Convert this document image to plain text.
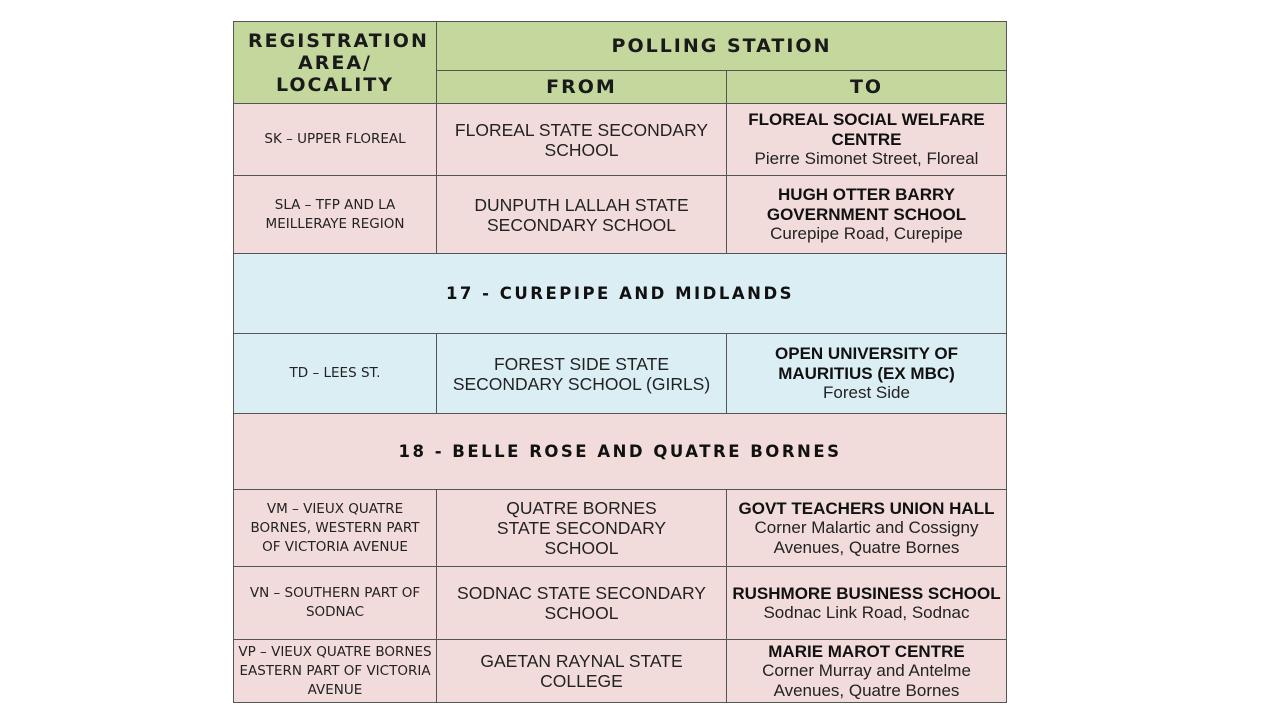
REGISTRATION AREA/ LOCALITY	POLLING STATION	
	FROM	TO
SK – UPPER FLOREAL	FLOREAL STATE SECONDARY SCHOOL	FLOREAL SOCIAL WELFARE CENTRE
Pierre Simonet Street, Floreal

SLA – TFP AND LA MEILLERAYE REGION	DUNPUTH LALLAH STATE SECONDARY SCHOOL	HUGH OTTER BARRY GOVERNMENT SCHOOL
Curepipe Road, Curepipe

17 - CUREPIPE AND MIDLANDS		
TD – LEES ST.	FOREST SIDE STATE SECONDARY SCHOOL (GIRLS)	OPEN UNIVERSITY OF MAURITIUS (EX MBC)
Forest Side

18 - BELLE ROSE AND QUATRE BORNES		
VM – VIEUX QUATRE BORNES, WESTERN PART OF VICTORIA AVENUE	QUATRE BORNES STATE SECONDARY SCHOOL	GOVT TEACHERS UNION HALL
Corner Malartic and Cossigny Avenues, Quatre Bornes

VN – SOUTHERN PART OF SODNAC	SODNAC STATE SECONDARY SCHOOL	RUSHMORE BUSINESS SCHOOL
Sodnac Link Road, Sodnac

VP – VIEUX QUATRE BORNES EASTERN PART OF VICTORIA AVENUE	GAETAN RAYNAL STATE COLLEGE	MARIE MAROT CENTRE
Corner Murray and Antelme Avenues, Quatre Bornes
